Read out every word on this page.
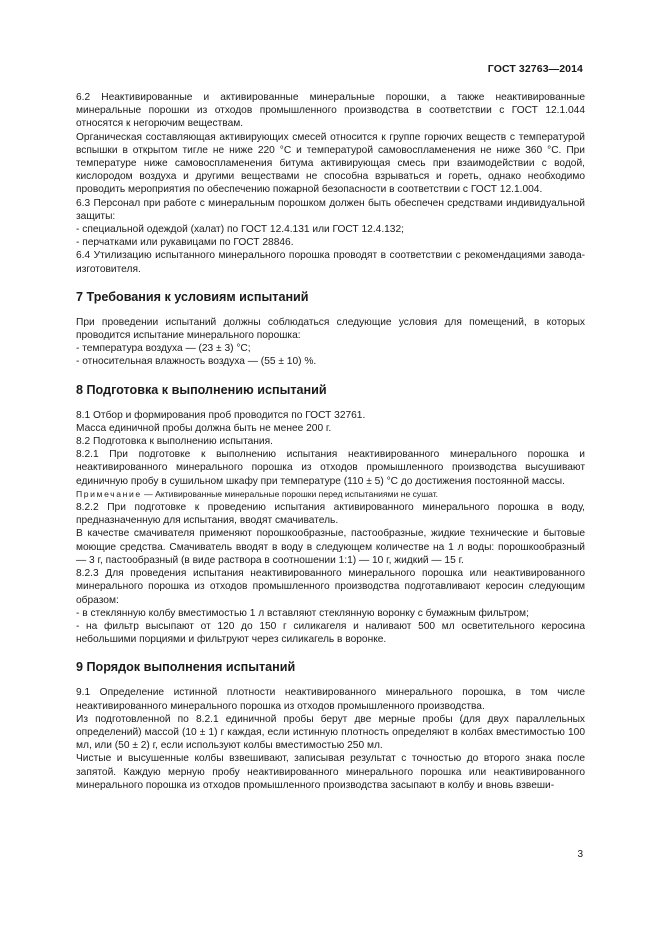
ГОСТ 32763—2014

6.2 Неактивированные и активированные минеральные порошки, а также неактивированные минеральные порошки из отходов промышленного производства в соответствии с ГОСТ 12.1.044 относятся к негорючим веществам.

Органическая составляющая активирующих смесей относится к группе горючих веществ с температурой вспышки в открытом тигле не ниже 220 °С и температурой самовоспламенения не ниже 360 °С. При температуре ниже самовоспламенения битума активирующая смесь при взаимодействии с водой, кислородом воздуха и другими веществами не способна взрываться и гореть, однако необходимо проводить мероприятия по обеспечению пожарной безопасности в соответствии с ГОСТ 12.1.004.

6.3 Персонал при работе с минеральным порошком должен быть обеспечен средствами индивидуальной защиты:

- специальной одеждой (халат) по ГОСТ 12.4.131 или ГОСТ 12.4.132;

- перчатками или рукавицами по ГОСТ 28846.

6.4 Утилизацию испытанного минерального порошка проводят в соответствии с рекомендациями завода-изготовителя.

7 Требования к условиям испытаний

При проведении испытаний должны соблюдаться следующие условия для помещений, в которых проводится испытание минерального порошка:

- температура воздуха — (23 ± 3) °С;

- относительная влажность воздуха — (55 ± 10) %.

8 Подготовка к выполнению испытаний

8.1 Отбор и формирования проб проводится по ГОСТ 32761.

Масса единичной пробы должна быть не менее 200 г.

8.2 Подготовка к выполнению испытания.

8.2.1 При подготовке к выполнению испытания неактивированного минерального порошка и неактивированного минерального порошка из отходов промышленного производства высушивают единичную пробу в сушильном шкафу при температуре (110 ± 5) °С до достижения постоянной массы.

Примечание — Активированные минеральные порошки перед испытаниями не сушат.

8.2.2 При подготовке к проведению испытания активированного минерального порошка в воду, предназначенную для испытания, вводят смачиватель.

В качестве смачивателя применяют порошкообразные, пастообразные, жидкие технические и бытовые моющие средства. Смачиватель вводят в воду в следующем количестве на 1 л воды: порошкообразный — 3 г, пастообразный (в виде раствора в соотношении 1:1) — 10 г, жидкий — 15 г.

8.2.3 Для проведения испытания неактивированного минерального порошка или неактивированного минерального порошка из отходов промышленного производства подготавливают керосин следующим образом:

- в стеклянную колбу вместимостью 1 л вставляют стеклянную воронку с бумажным фильтром;

- на фильтр высыпают от 120 до 150 г силикагеля и наливают 500 мл осветительного керосина небольшими порциями и фильтруют через силикагель в воронке.

9 Порядок выполнения испытаний

9.1 Определение истинной плотности неактивированного минерального порошка, в том числе неактивированного минерального порошка из отходов промышленного производства.

Из подготовленной по 8.2.1 единичной пробы берут две мерные пробы (для двух параллельных определений) массой (10 ± 1) г каждая, если истинную плотность определяют в колбах вместимостью 100 мл, или (50 ± 2) г, если используют колбы вместимостью 250 мл.

Чистые и высушенные колбы взвешивают, записывая результат с точностью до второго знака после запятой. Каждую мерную пробу неактивированного минерального порошка или неактивированного минерального порошка из отходов промышленного производства засыпают в колбу и вновь взвеши-

3
